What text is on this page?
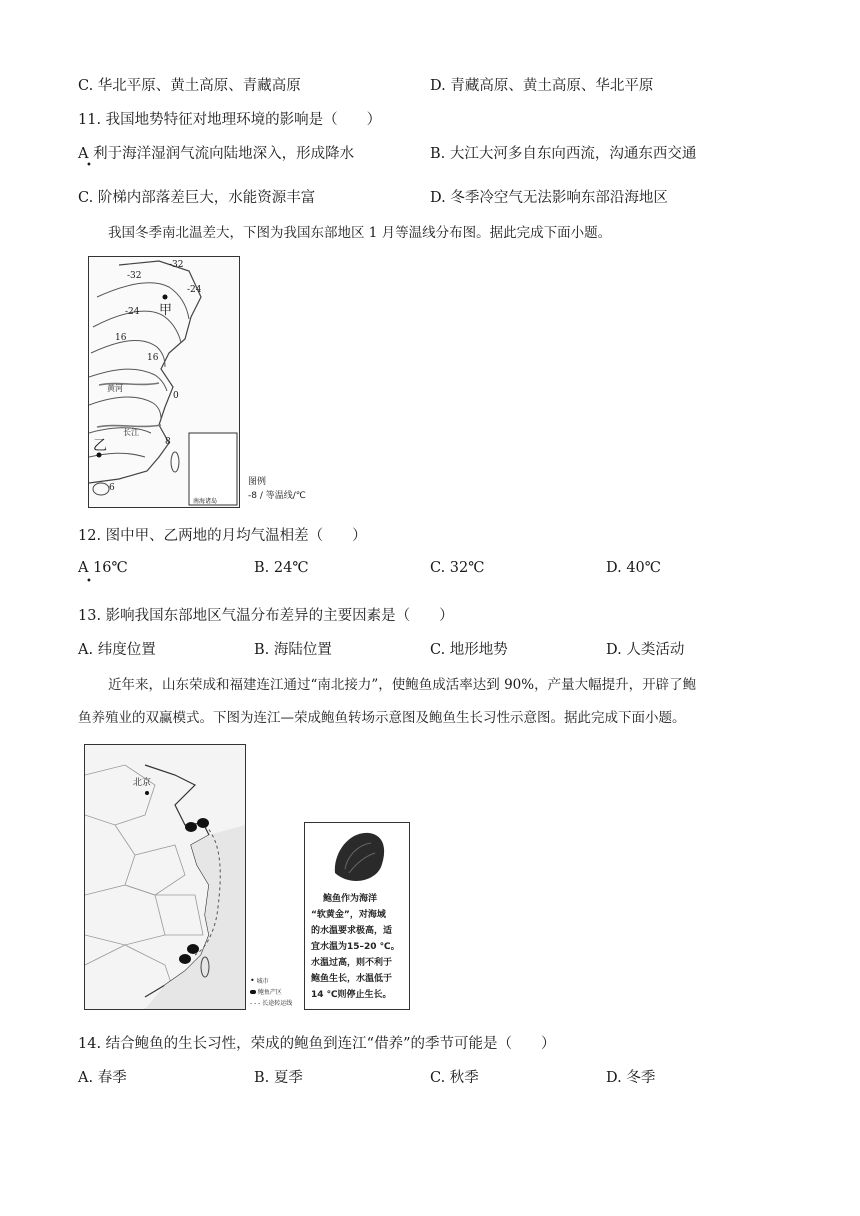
C. 华北平原、黄土高原、青藏高原	D. 青藏高原、黄土高原、华北平原
11. 我国地势特征对地理环境的影响是（　　）
A 利于海洋湿润气流向陆地深入，形成降水
•
B. 大江大河多自东向西流，沟通东西交通
C. 阶梯内部落差巨大，水能资源丰富	D. 冬季冷空气无法影响东部沿海地区
我国冬季南北温差大，下图为我国东部地区 1 月等温线分布图。据此完成下面小题。
南海诸岛
-32
-32
-24
-24 甲
16
16
0
黄河
长江
乙	8
6
图例
-8 ∕ 等温线/℃
12. 图中甲、乙两地的月均气温相差（　　）
A 16℃
•
B. 24℃	C. 32℃	D. 40℃
13. 影响我国东部地区气温分布差异的主要因素是（　　）
A. 纬度位置	B. 海陆位置	C. 地形地势	D. 人类活动
近年来，山东荣成和福建连江通过“南北接力”，使鲍鱼成活率达到 90%，产量大幅提升，开辟了鲍
鱼养殖业的双赢模式。下图为连江—荣成鲍鱼转场示意图及鲍鱼生长习性示意图。据此完成下面小题。
北京
• 城市
鲍鱼产区
- - - 长途转运线
鲍鱼作为海洋
“软黄金”，对海域
的水温要求极高，适
宜水温为15–20 ℃。
水温过高，则不利于
鲍鱼生长，水温低于
14 ℃则停止生长。
14. 结合鲍鱼的生长习性，荣成的鲍鱼到连江“借养”的季节可能是（　　）
A. 春季	B. 夏季	C. 秋季	D. 冬季
